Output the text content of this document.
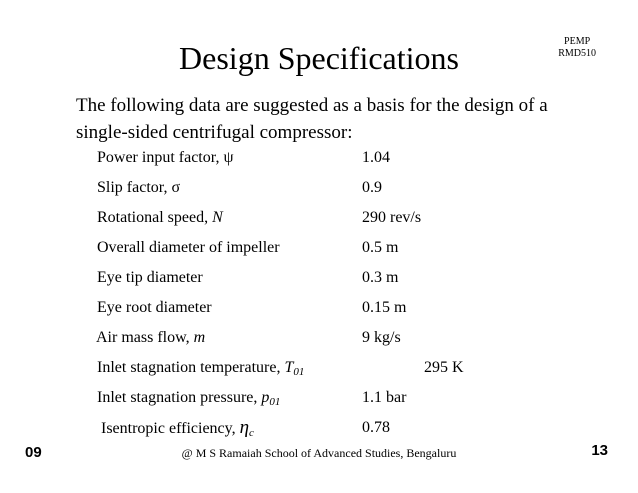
Design Specifications	PEMP
RMD510
The following data are suggested as a basis for the design of a single-sided centrifugal compressor:
Power input factor, ψ	1.04
Slip factor, σ	0.9
Rotational speed, N	290 rev/s
Overall diameter of impeller	0.5 m
Eye tip diameter	0.3 m
Eye root diameter	0.15 m
Air mass flow, m	9 kg/s
Inlet stagnation temperature, $T_{01}$	295 K
Inlet stagnation pressure, $p_{01}$	1.1 bar
Isentropic efficiency, $\eta_c$	0.78
09	@ M S Ramaiah School of Advanced Studies, Bengaluru	13
